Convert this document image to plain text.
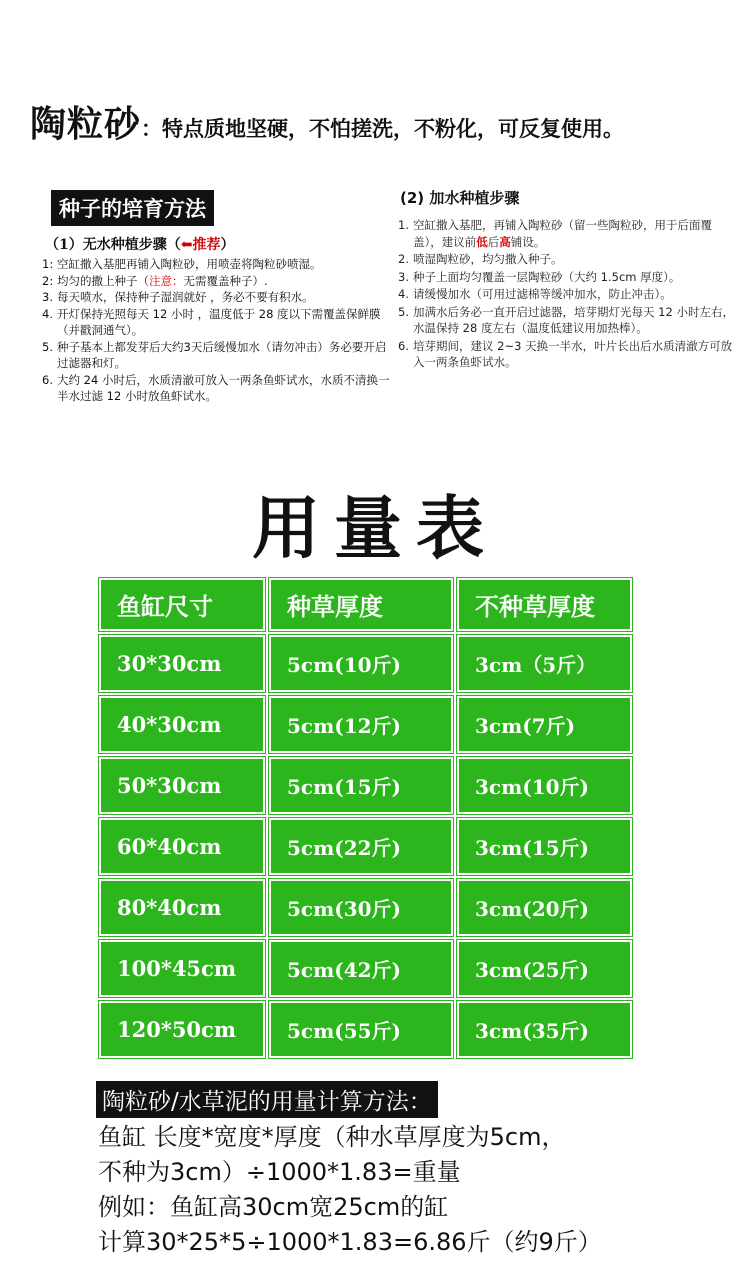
陶粒砂：特点质地坚硬，不怕搓洗，不粉化，可反复使用。
种子的培育方法
（1）无水种植步骤（⬅推荐）
1: 空缸撒入基肥再铺入陶粒砂，用喷壶将陶粒砂喷湿。
2: 均匀的撒上种子（注意：无需覆盖种子）.
3. 每天喷水，保持种子湿润就好 ，务必不要有积水。
4. 开灯保持光照每天 12 小时 ，温度低于 28 度以下需覆盖保鲜膜（并戳洞通气）。
5. 种子基本上都发芽后大约3天后缓慢加水（请勿冲击）务必要开启过滤器和灯。
6. 大约 24 小时后，水质清澈可放入一两条鱼虾试水，水质不清换一半水过滤 12 小时放鱼虾试水。
(2) 加水种植步骤
1. 空缸撒入基肥，再铺入陶粒砂（留一些陶粒砂，用于后面覆盖），建议前低后高铺设。
2. 喷湿陶粒砂，均匀撒入种子。
3. 种子上面均匀覆盖一层陶粒砂（大约 1.5cm 厚度）。
4. 请缓慢加水（可用过滤棉等缓冲加水，防止冲击）。
5. 加满水后务必一直开启过滤器，培芽期灯光每天 12 小时左右，水温保持 28 度左右（温度低建议用加热棒）。
6. 培芽期间，建议 2~3 天换一半水，叶片长出后水质清澈方可放入一两条鱼虾试水。
用量表
鱼缸尺寸	种草厚度	不种草厚度
30*30cm	5cm(10斤)	3cm（5斤）
40*30cm	5cm(12斤)	3cm(7斤)
50*30cm	5cm(15斤)	3cm(10斤)
60*40cm	5cm(22斤)	3cm(15斤)
80*40cm	5cm(30斤)	3cm(20斤)
100*45cm	5cm(42斤)	3cm(25斤)
120*50cm	5cm(55斤)	3cm(35斤)
陶粒砂/水草泥的用量计算方法：
鱼缸 长度*宽度*厚度（种水草厚度为5cm，
不种为3cm）÷1000*1.83=重量
例如：鱼缸高30cm宽25cm的缸
计算30*25*5÷1000*1.83=6.86斤（约9斤）
